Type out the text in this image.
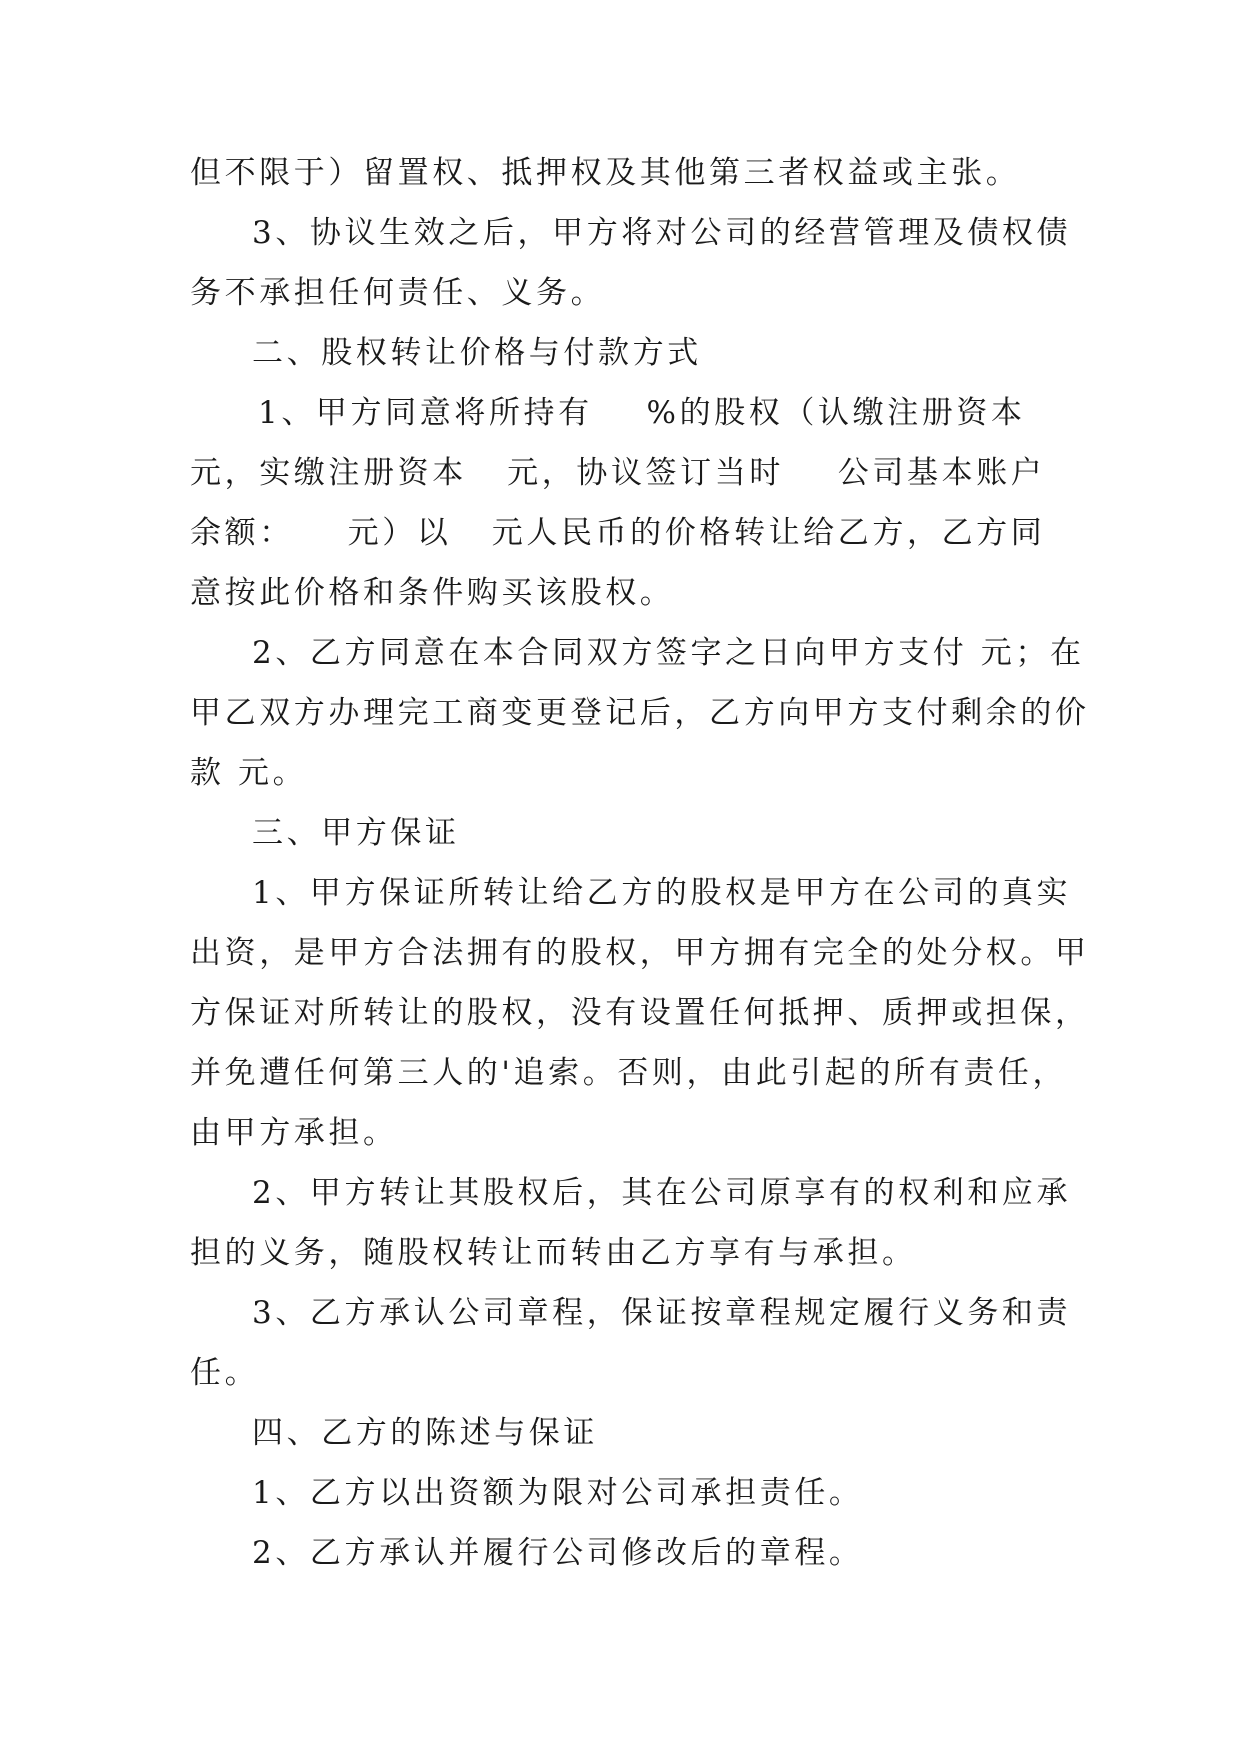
但不限于）留置权、抵押权及其他第三者权益或主张。
3、协议生效之后，甲方将对公司的经营管理及债权债
务不承担任何责任、义务。
二、股权转让价格与付款方式
1、甲方同意将所持有    %的股权（认缴注册资本
元，实缴注册资本   元，协议签订当时    公司基本账户
余额：    元）以   元人民币的价格转让给乙方，乙方同
意按此价格和条件购买该股权。
2、乙方同意在本合同双方签字之日向甲方支付 元；在
甲乙双方办理完工商变更登记后，乙方向甲方支付剩余的价
款 元。
三、甲方保证
1、甲方保证所转让给乙方的股权是甲方在公司的真实
出资，是甲方合法拥有的股权，甲方拥有完全的处分权。甲
方保证对所转让的股权，没有设置任何抵押、质押或担保，
并免遭任何第三人的'追索。否则，由此引起的所有责任，
由甲方承担。
2、甲方转让其股权后，其在公司原享有的权利和应承
担的义务，随股权转让而转由乙方享有与承担。
3、乙方承认公司章程，保证按章程规定履行义务和责
任。
四、乙方的陈述与保证
1、乙方以出资额为限对公司承担责任。
2、乙方承认并履行公司修改后的章程。
